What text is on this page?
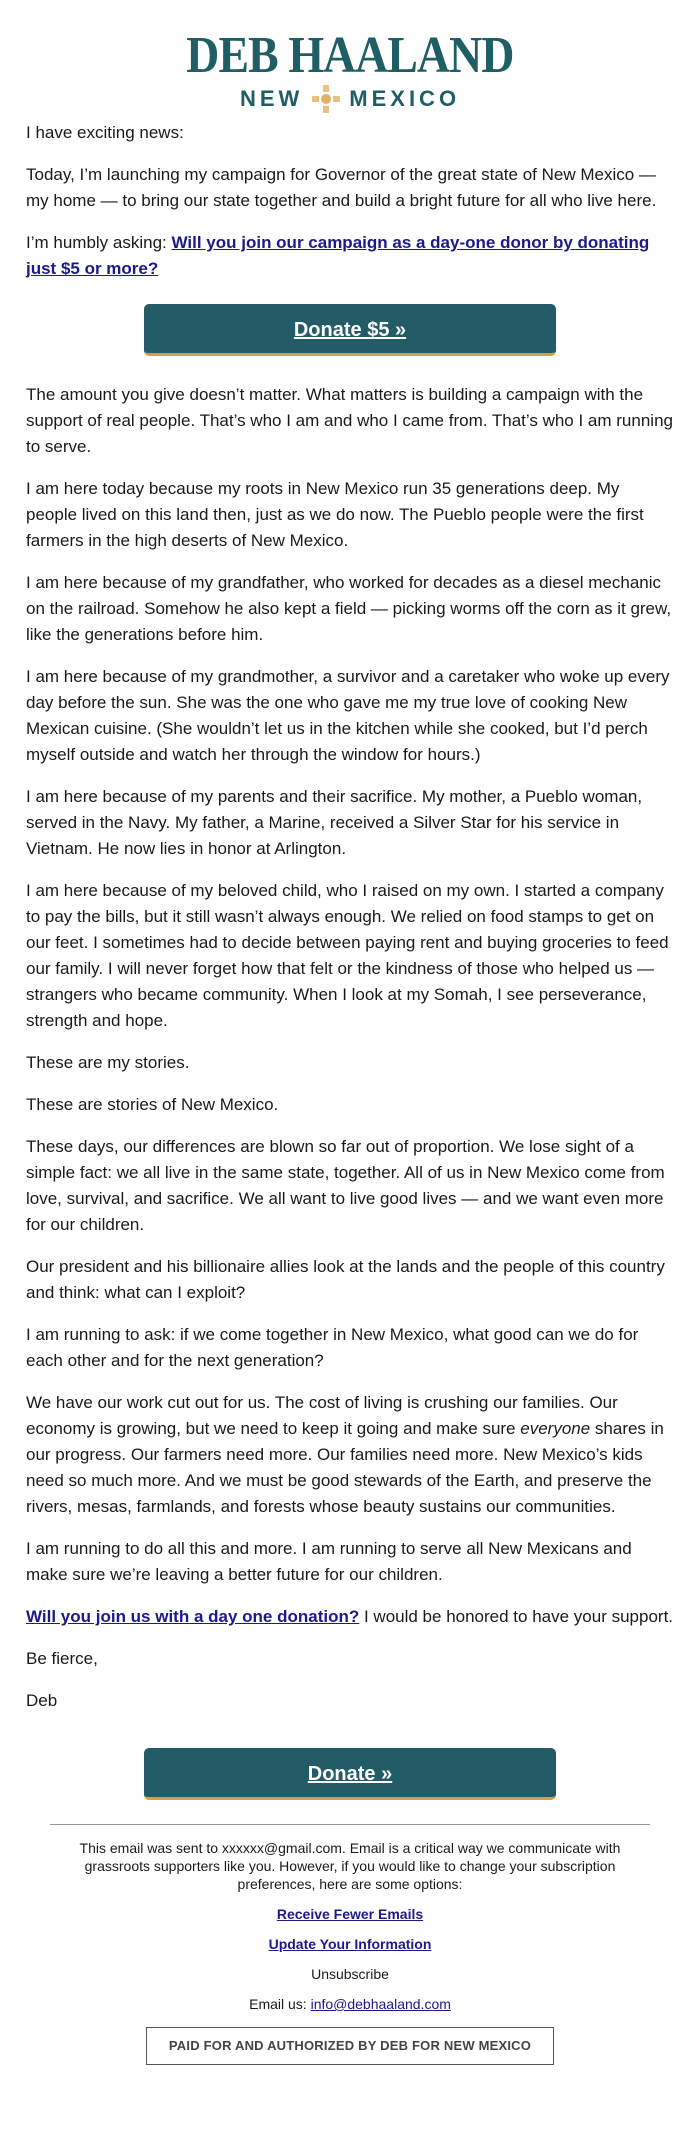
DEB HAALAND
NEW MEXICO

I have exciting news:

Today, I’m launching my campaign for Governor of the great state of New Mexico — my home — to bring our state together and build a bright future for all who live here.

I’m humbly asking: Will you join our campaign as a day-one donor by donating just $5 or more?

Donate $5 »

The amount you give doesn’t matter. What matters is building a campaign with the support of real people. That’s who I am and who I came from. That’s who I am running to serve.

I am here today because my roots in New Mexico run 35 generations deep. My people lived on this land then, just as we do now. The Pueblo people were the first farmers in the high deserts of New Mexico.

I am here because of my grandfather, who worked for decades as a diesel mechanic on the railroad. Somehow he also kept a field — picking worms off the corn as it grew, like the generations before him.

I am here because of my grandmother, a survivor and a caretaker who woke up every day before the sun. She was the one who gave me my true love of cooking New Mexican cuisine. (She wouldn’t let us in the kitchen while she cooked, but I’d perch myself outside and watch her through the window for hours.)

I am here because of my parents and their sacrifice. My mother, a Pueblo woman, served in the Navy. My father, a Marine, received a Silver Star for his service in Vietnam. He now lies in honor at Arlington.

I am here because of my beloved child, who I raised on my own. I started a company to pay the bills, but it still wasn’t always enough. We relied on food stamps to get on our feet. I sometimes had to decide between paying rent and buying groceries to feed our family. I will never forget how that felt or the kindness of those who helped us — strangers who became community. When I look at my Somah, I see perseverance, strength and hope.

These are my stories.

These are stories of New Mexico.

These days, our differences are blown so far out of proportion. We lose sight of a simple fact: we all live in the same state, together. All of us in New Mexico come from love, survival, and sacrifice. We all want to live good lives — and we want even more for our children.

Our president and his billionaire allies look at the lands and the people of this country and think: what can I exploit?

I am running to ask: if we come together in New Mexico, what good can we do for each other and for the next generation?

We have our work cut out for us. The cost of living is crushing our families. Our economy is growing, but we need to keep it going and make sure everyone shares in our progress. Our farmers need more. Our families need more. New Mexico’s kids need so much more. And we must be good stewards of the Earth, and preserve the rivers, mesas, farmlands, and forests whose beauty sustains our communities.

I am running to do all this and more. I am running to serve all New Mexicans and make sure we’re leaving a better future for our children.

Will you join us with a day one donation? I would be honored to have your support.

Be fierce,

Deb

Donate »

This email was sent to xxxxxx@gmail.com. Email is a critical way we communicate with grassroots supporters like you. However, if you would like to change your subscription preferences, here are some options:

Receive Fewer Emails

Update Your Information

Unsubscribe

Email us: info@debhaaland.com

PAID FOR AND AUTHORIZED BY DEB FOR NEW MEXICO
